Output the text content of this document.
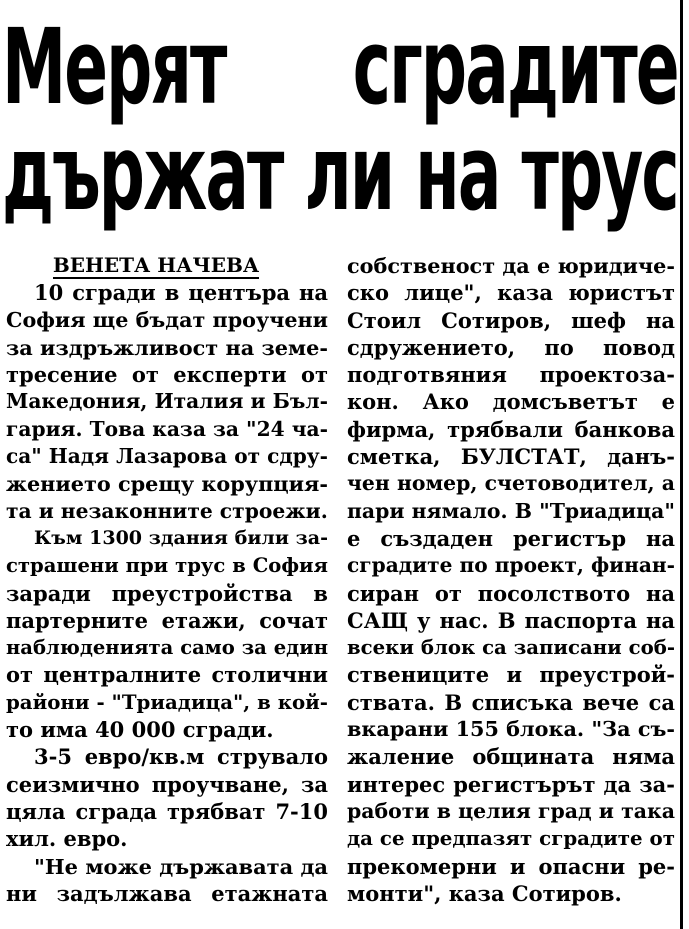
Мерят сградите
държат ли на трус
ВЕНЕТА НАЧЕВА
10 сгради в центъра на
София ще бъдат проучени
за издръжливост на земе-
тресение от експерти от
Македония, Италия и Бъл-
гария. Това каза за "24 ча-
са" Надя Лазарова от сдру-
жението срещу корупция-
та и незаконните строежи.
Към 1300 здания били за-
страшени при трус в София
заради преустройства в
партерните етажи, сочат
наблюденията само за един
от централните столични
райони - "Триадица", в кой-
то има 40 000 сгради.
3-5 евро/кв.м струвало
сеизмично проучване, за
цяла сграда трябват 7-10
хил. евро.
"Не може държавата да
ни задължава етажната
собственост да е юридиче-
ско лице", каза юристът
Стоил Сотиров, шеф на
сдружението, по повод
подготвяния проектоза-
кон. Ако домсъветът е
фирма, трябвали банкова
сметка, БУЛСТАТ, данъ-
чен номер, счетоводител, а
пари нямало. В "Триадица"
е създаден регистър на
сградите по проект, финан-
сиран от посолството на
САЩ у нас. В паспорта на
всеки блок са записани соб-
ствениците и преустрой-
ствата. В списъка вече са
вкарани 155 блока. "За съ-
жаление общината няма
интерес регистърът да за-
работи в целия град и така
да се предпазят сградите от
прекомерни и опасни ре-
монти", каза Сотиров.
